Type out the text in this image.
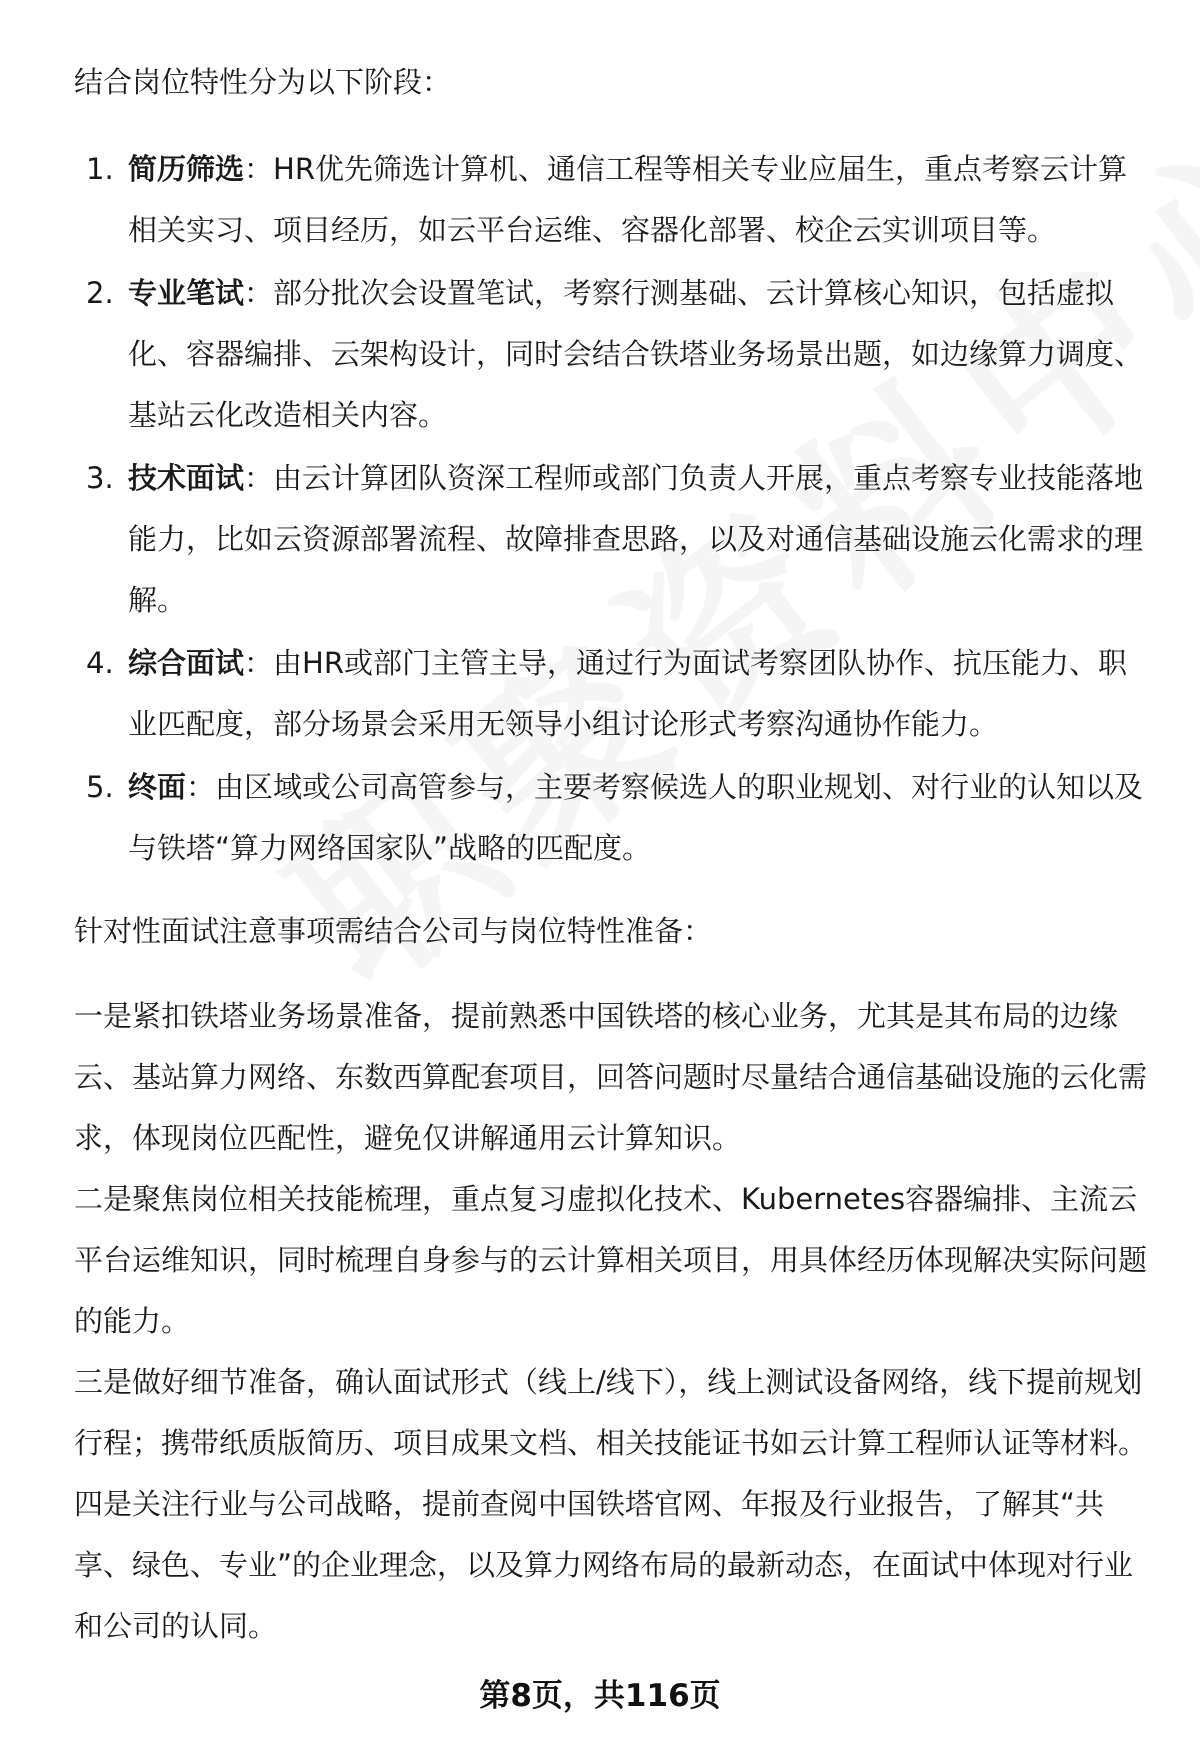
结合岗位特性分为以下阶段：

1. 简历筛选：HR优先筛选计算机、通信工程等相关专业应届生，重点考察云计算相关实习、项目经历，如云平台运维、容器化部署、校企云实训项目等。
2. 专业笔试：部分批次会设置笔试，考察行测基础、云计算核心知识，包括虚拟化、容器编排、云架构设计，同时会结合铁塔业务场景出题，如边缘算力调度、基站云化改造相关内容。
3. 技术面试：由云计算团队资深工程师或部门负责人开展，重点考察专业技能落地能力，比如云资源部署流程、故障排查思路，以及对通信基础设施云化需求的理解。
4. 综合面试：由HR或部门主管主导，通过行为面试考察团队协作、抗压能力、职业匹配度，部分场景会采用无领导小组讨论形式考察沟通协作能力。
5. 终面：由区域或公司高管参与，主要考察候选人的职业规划、对行业的认知以及与铁塔“算力网络国家队”战略的匹配度。

针对性面试注意事项需结合公司与岗位特性准备：

一是紧扣铁塔业务场景准备，提前熟悉中国铁塔的核心业务，尤其是其布局的边缘云、基站算力网络、东数西算配套项目，回答问题时尽量结合通信基础设施的云化需求，体现岗位匹配性，避免仅讲解通用云计算知识。

二是聚焦岗位相关技能梳理，重点复习虚拟化技术、Kubernetes容器编排、主流云平台运维知识，同时梳理自身参与的云计算相关项目，用具体经历体现解决实际问题的能力。

三是做好细节准备，确认面试形式（线上/线下），线上测试设备网络，线下提前规划行程；携带纸质版简历、项目成果文档、相关技能证书如云计算工程师认证等材料。

四是关注行业与公司战略，提前查阅中国铁塔官网、年报及行业报告，了解其“共享、绿色、专业”的企业理念，以及算力网络布局的最新动态，在面试中体现对行业和公司的认同。

第8页，共116页
